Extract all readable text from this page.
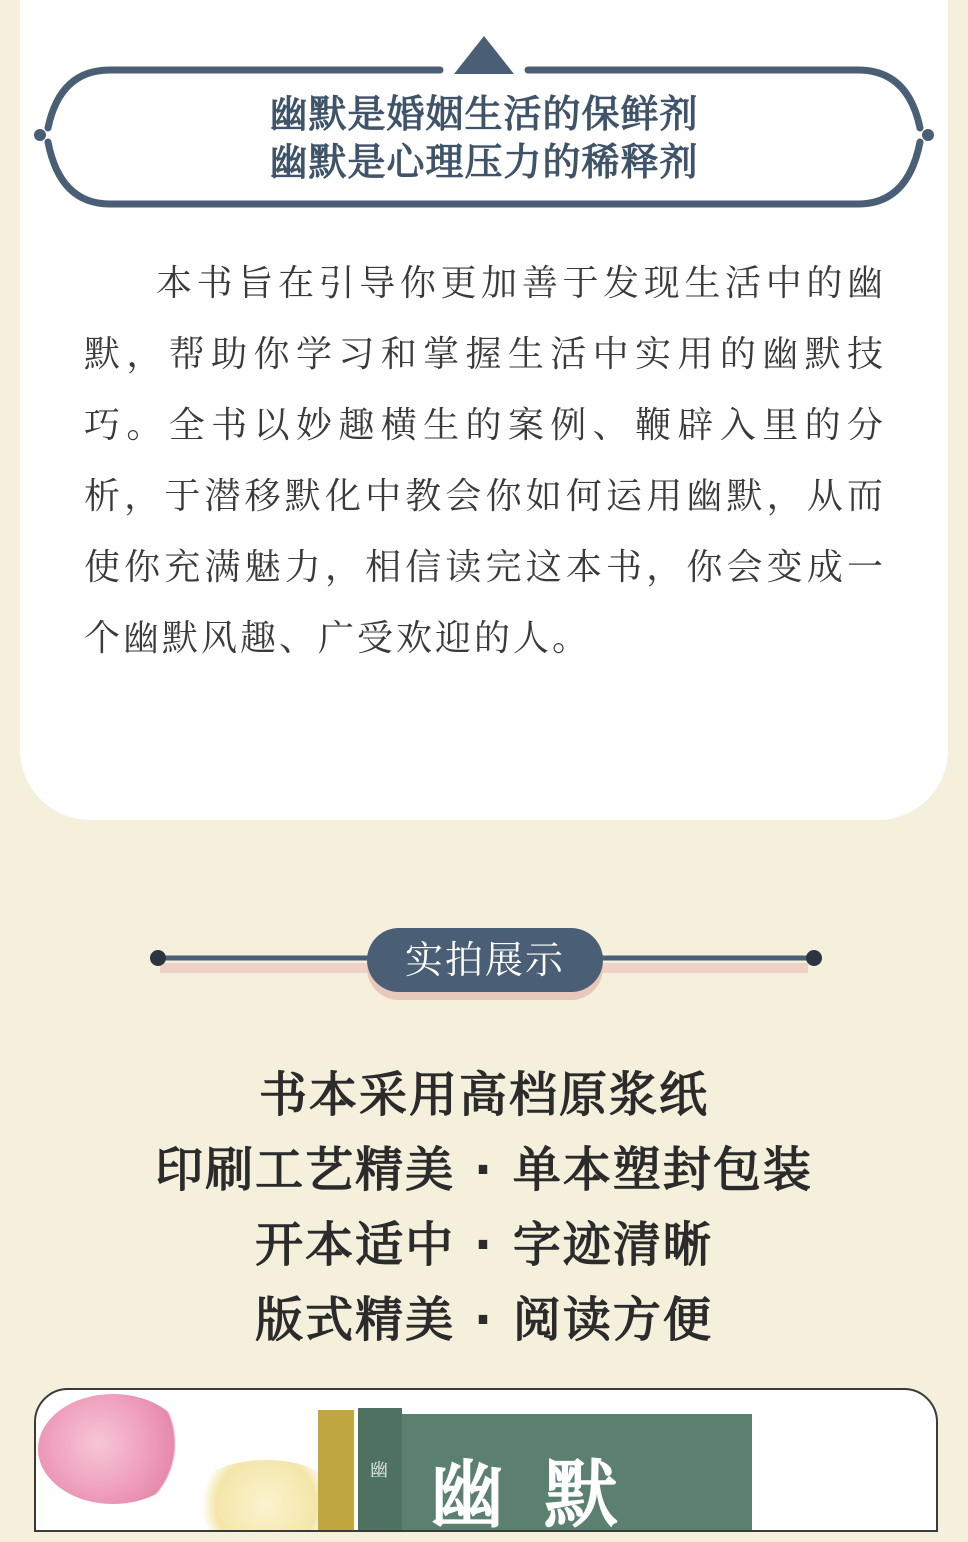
幽默是婚姻生活的保鲜剂
幽默是心理压力的稀释剂

本书旨在引导你更加善于发现生活中的幽默，帮助你学习和掌握生活中实用的幽默技巧。全书以妙趣横生的案例、鞭辟入里的分析，于潜移默化中教会你如何运用幽默，从而使你充满魅力，相信读完这本书，你会变成一个幽默风趣、广受欢迎的人。

实拍展示
书本采用高档原浆纸
印刷工艺精美 · 单本塑封包装
开本适中 · 字迹清晰
版式精美 · 阅读方便
幽 幽默
